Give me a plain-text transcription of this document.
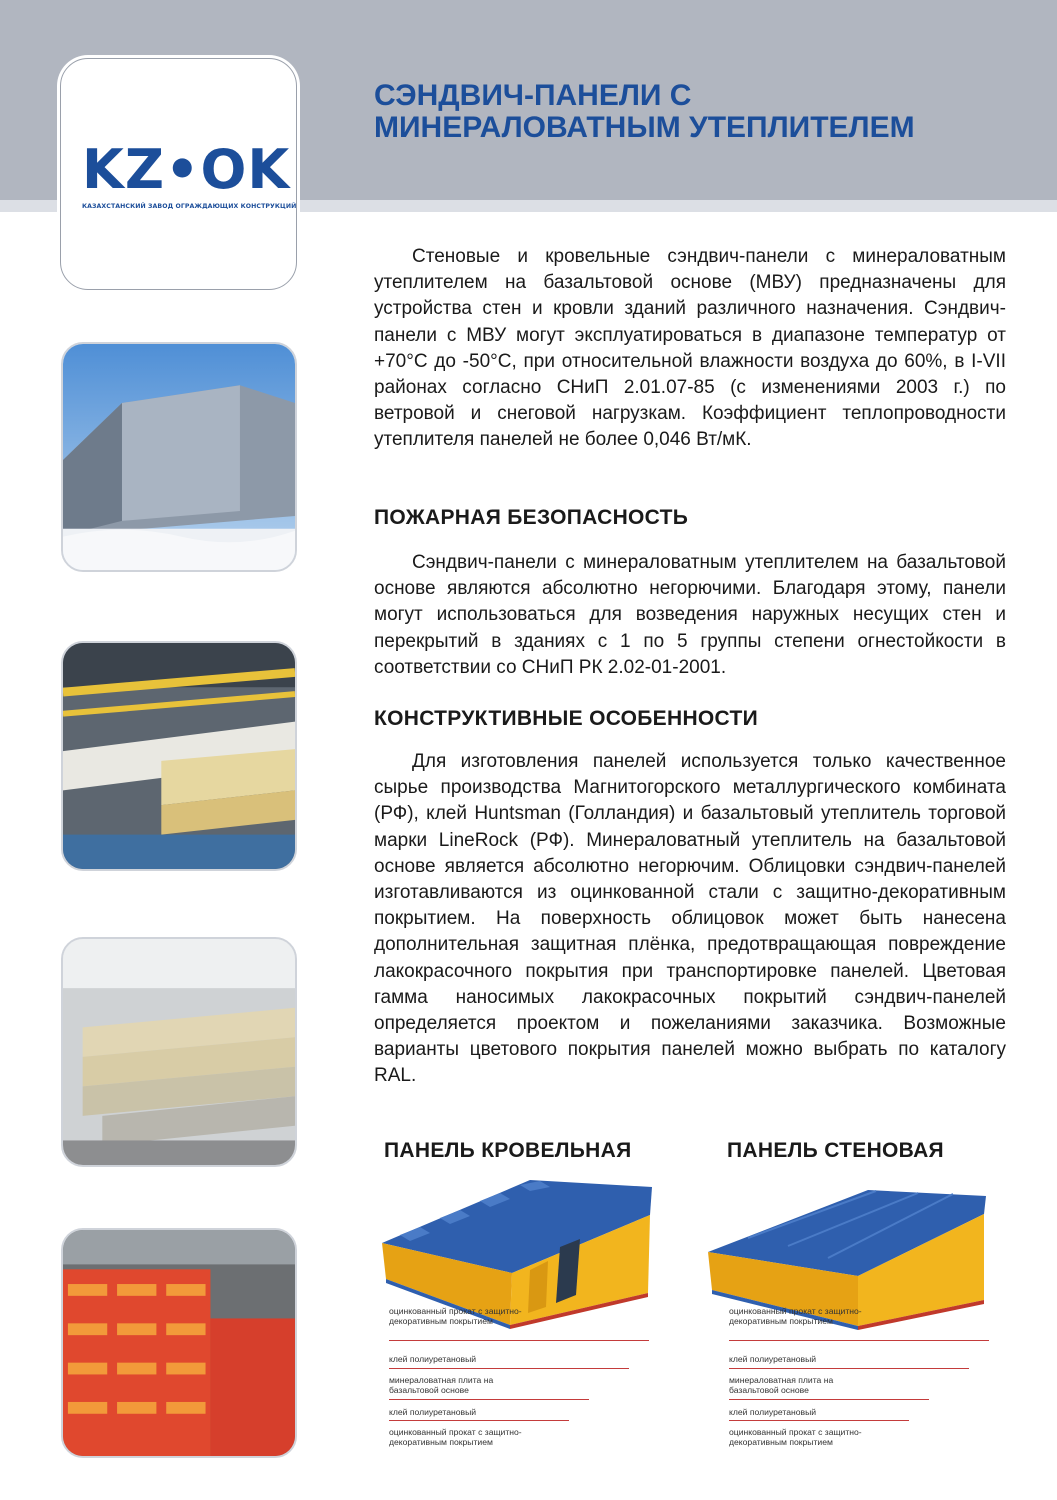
KZ•OK
КАЗАХСТАНСКИЙ ЗАВОД ОГРАЖДАЮЩИХ КОНСТРУКЦИЙ
СЭНДВИЧ-ПАНЕЛИ С
МИНЕРАЛОВАТНЫМ УТЕПЛИТЕЛЕМ
Стеновые и кровельные сэндвич-панели с минераловатным утеплителем на базальтовой основе (МВУ) предназначены для устройства стен и кровли зданий различного назначения. Сэндвич-панели с МВУ могут эксплуатироваться в диапазоне температур от +70°С до -50°С, при относительной влажности воздуха до 60%, в I-VII районах согласно СНиП 2.01.07-85 (с изменениями 2003 г.) по ветровой и снеговой нагрузкам. Коэффициент теплопроводности утеплителя панелей не более 0,046 Вт/мК.
ПОЖАРНАЯ БЕЗОПАСНОСТЬ
Сэндвич-панели с минераловатным утеплителем на базальтовой основе являются абсолютно негорючими. Благодаря этому, панели могут использоваться для возведения наружных несущих стен и перекрытий в зданиях с 1 по 5 группы степени огнестойкости в соответствии со СНиП РК 2.02-01-2001.
КОНСТРУКТИВНЫЕ ОСОБЕННОСТИ
Для изготовления панелей используется только качественное сырье производства Магнитогорского металлургического комбината (РФ), клей Huntsman (Голландия) и базальтовый утеплитель торговой марки LineRock (РФ). Минераловатный утеплитель на базальтовой основе является абсолютно негорючим. Облицовки сэндвич-панелей изготавливаются из оцинкованной стали с защитно-декоративным покрытием. На поверхность облицовок может быть нанесена дополнительная защитная плёнка, предотвращающая повреждение лакокрасочного покрытия при транспортировке панелей. Цветовая гамма наносимых лакокрасочных покрытий сэндвич-панелей определяется проектом и пожеланиями заказчика. Возможные варианты цветового покрытия панелей можно выбрать по каталогу RAL.
ПАНЕЛЬ КРОВЕЛЬНАЯ	ПАНЕЛЬ СТЕНОВАЯ
оцинкованный прокат с защитно-декоративным покрытием
клей полиуретановый
минераловатная плита на базальтовой основе
клей полиуретановый
оцинкованный прокат с защитно-декоративным покрытием
оцинкованный прокат с защитно-декоративным покрытием
клей полиуретановый
минераловатная плита на базальтовой основе
клей полиуретановый
оцинкованный прокат с защитно-декоративным покрытием
